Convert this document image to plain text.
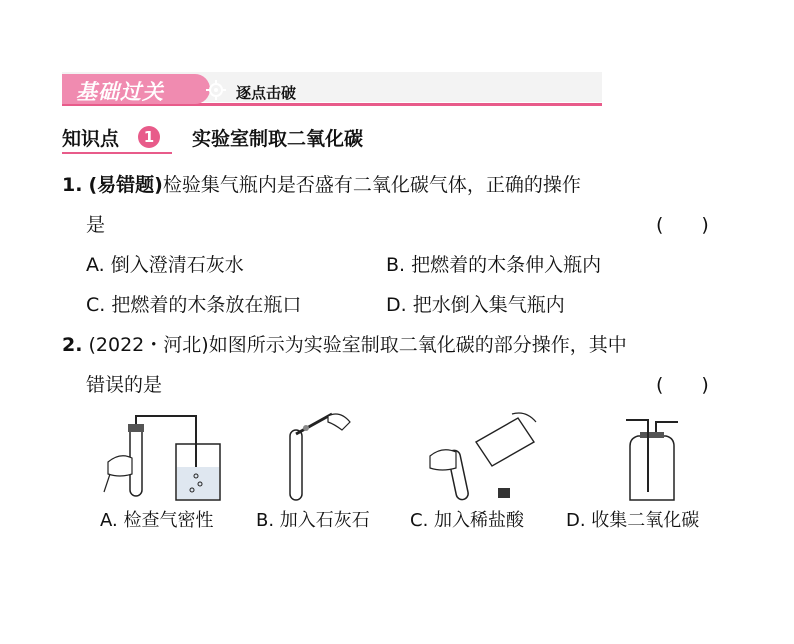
基础过关	逐点击破
知识点	1	实验室制取二氧化碳
1. (易错题)检验集气瓶内是否盛有二氧化碳气体，正确的操作
是	(　　)
A. 倒入澄清石灰水	B. 把燃着的木条伸入瓶内
C. 把燃着的木条放在瓶口	D. 把水倒入集气瓶内
2. (2022・河北)如图所示为实验室制取二氧化碳的部分操作，其中
错误的是	(　　)
A. 检查气密性 B. 加入石灰石 C. 加入稀盐酸 D. 收集二氧化碳
